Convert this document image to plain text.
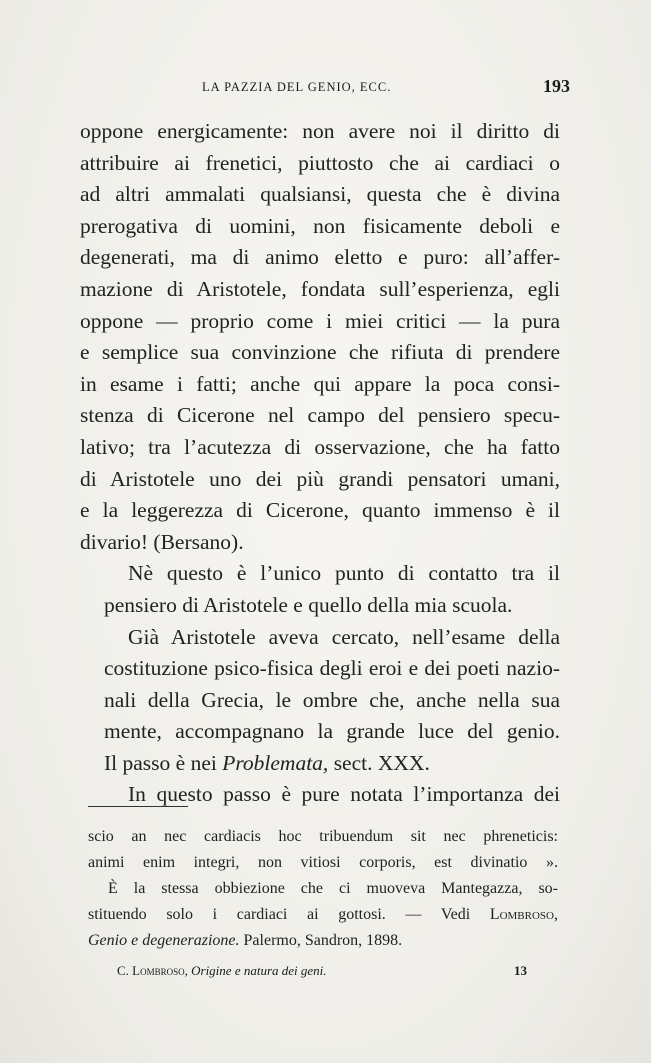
LA PAZZIA DEL GENIO, ECC.	193

oppone energicamente: non avere noi il diritto di
attribuire ai frenetici, piuttosto che ai cardiaci o
ad altri ammalati qualsiansi, questa che è divina
prerogativa di uomini, non fisicamente deboli e
degenerati, ma di animo eletto e puro: all’affer-
mazione di Aristotele, fondata sull’esperienza, egli
oppone — proprio come i miei critici — la pura
e semplice sua convinzione che rifiuta di prendere
in esame i fatti; anche qui appare la poca consi-
stenza di Cicerone nel campo del pensiero specu-
lativo; tra l’acutezza di osservazione, che ha fatto
di Aristotele uno dei più grandi pensatori umani,
e la leggerezza di Cicerone, quanto immenso è il
divario! (Bersano).

Nè questo è l’unico punto di contatto tra il
pensiero di Aristotele e quello della mia scuola.

Già Aristotele aveva cercato, nell’esame della
costituzione psico-fisica degli eroi e dei poeti nazio-
nali della Grecia, le ombre che, anche nella sua
mente, accompagnano la grande luce del genio.
Il passo è nei Problemata, sect. XXX.

In questo passo è pure notata l’importanza dei

scio an nec cardiacis hoc tribuendum sit nec phreneticis:
animi enim integri, non vitiosi corporis, est divinatio ».
È la stessa obbiezione che ci muoveva Mantegazza, so-
stituendo solo i cardiaci ai gottosi. — Vedi Lombroso,
Genio e degenerazione. Palermo, Sandron, 1898.
C. Lombroso, Origine e natura dei geni.	13
